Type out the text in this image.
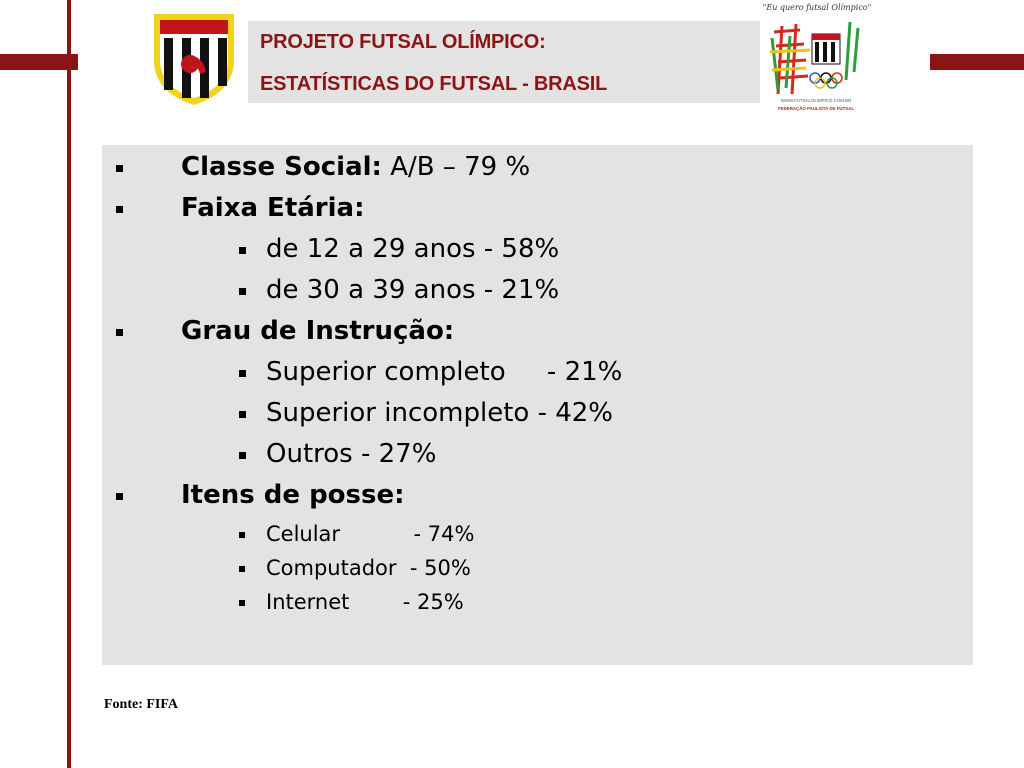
PROJETO FUTSAL OLÍMPICO:
ESTATÍSTICAS DO FUTSAL - BRASIL
"Eu quero futsal Olímpico"
WWW.FUTSALOLIMPICO.COM.BR
FEDERAÇÃO PAULISTA DE FUTSAL
Classe Social: A/B – 79 %
Faixa Etária:
de 12 a 29 anos - 58%
de 30 a 39 anos - 21%
Grau de Instrução:
Superior completo     - 21%
Superior incompleto - 42%
Outros - 27%
Itens de posse:
Celular           - 74%
Computador  - 50%
Internet        - 25%
Fonte: FIFA
